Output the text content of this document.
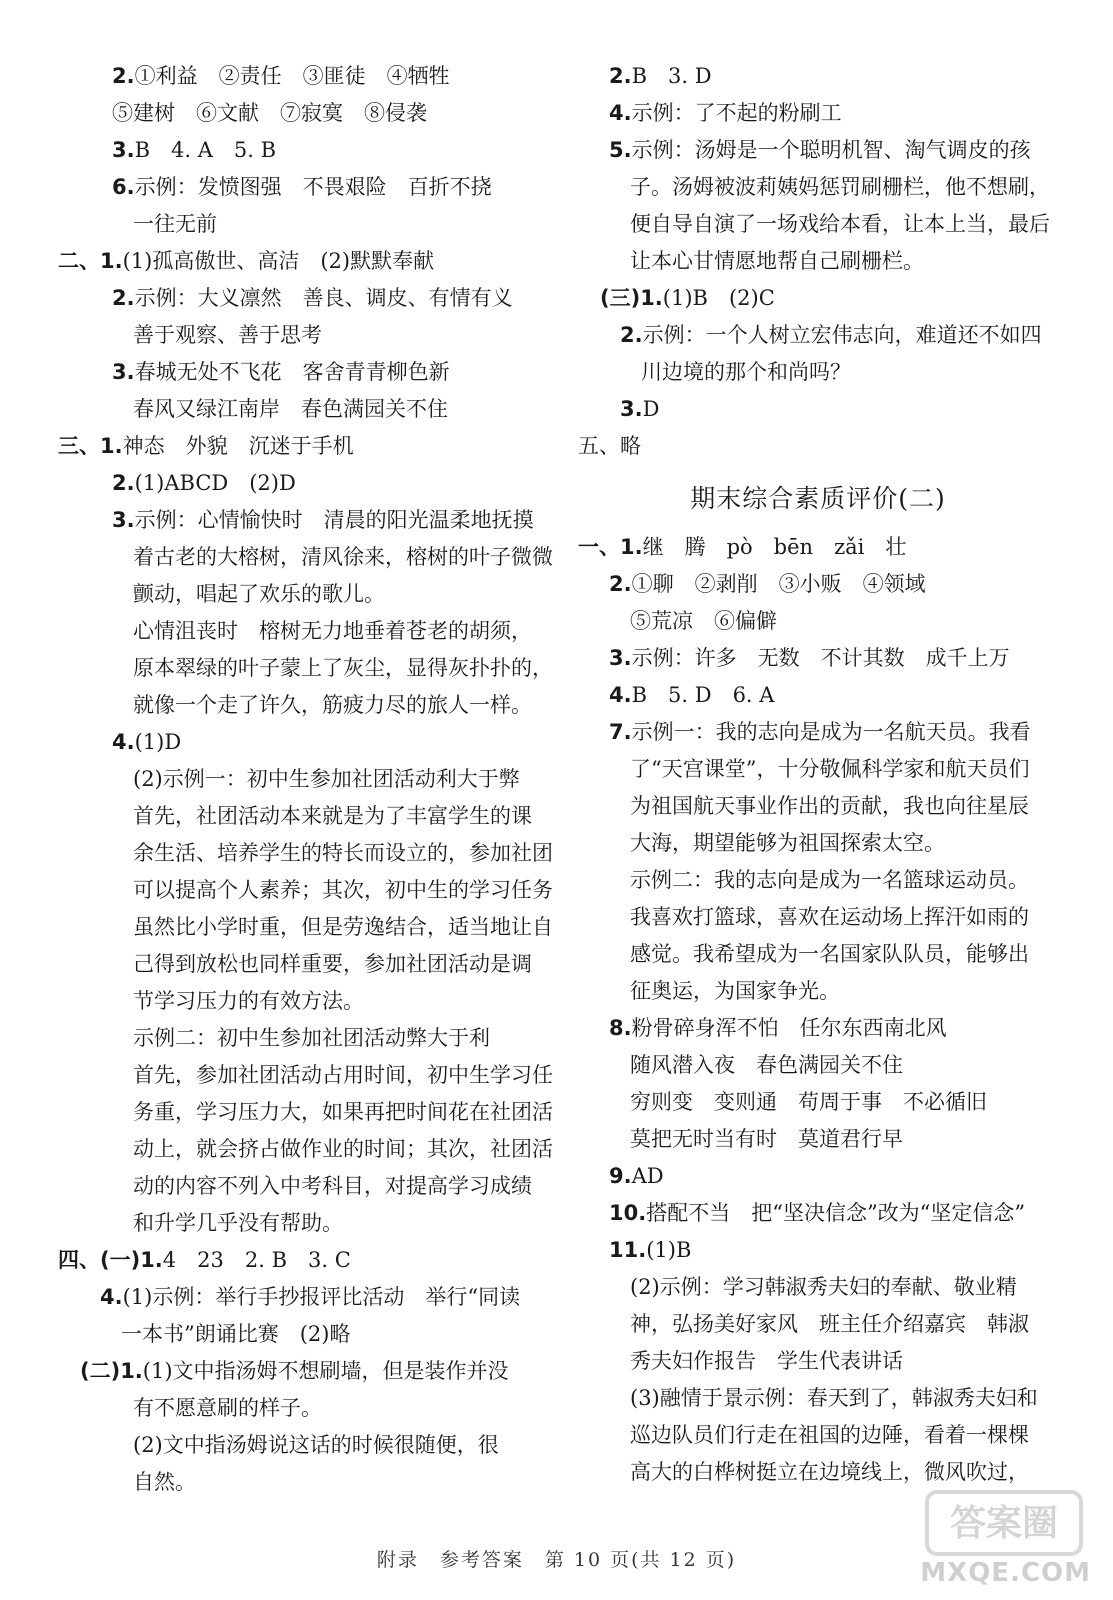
2.①利益　②责任　③匪徒　④牺牲
⑤建树　⑥文献　⑦寂寞　⑧侵袭
3.B　4. A　5. B
6.示例：发愤图强　不畏艰险　百折不挠
　一往无前
二、1.(1)孤高傲世、高洁　(2)默默奉献
2.示例：大义凛然　善良、调皮、有情有义
　善于观察、善于思考
3.春城无处不飞花　客舍青青柳色新
　春风又绿江南岸　春色满园关不住
三、1.神态　外貌　沉迷于手机
2.(1)ABCD　(2)D
3.示例：心情愉快时　清晨的阳光温柔地抚摸
　着古老的大榕树，清风徐来，榕树的叶子微微
　颤动，唱起了欢乐的歌儿。
　心情沮丧时　榕树无力地垂着苍老的胡须，
　原本翠绿的叶子蒙上了灰尘，显得灰扑扑的，
　就像一个走了许久，筋疲力尽的旅人一样。
4.(1)D
　(2)示例一：初中生参加社团活动利大于弊
　首先，社团活动本来就是为了丰富学生的课
　余生活、培养学生的特长而设立的，参加社团
　可以提高个人素养；其次，初中生的学习任务
　虽然比小学时重，但是劳逸结合，适当地让自
　己得到放松也同样重要，参加社团活动是调
　节学习压力的有效方法。
　示例二：初中生参加社团活动弊大于利
　首先，参加社团活动占用时间，初中生学习任
　务重，学习压力大，如果再把时间花在社团活
　动上，就会挤占做作业的时间；其次，社团活
　动的内容不列入中考科目，对提高学习成绩
　和升学几乎没有帮助。
四、(一)1.4　23　2. B　3. C
4.(1)示例：举行手抄报评比活动　举行“同读
　一本书”朗诵比赛　(2)略
(二)1.(1)文中指汤姆不想刷墙，但是装作并没
　有不愿意刷的样子。
　(2)文中指汤姆说这话的时候很随便，很
　自然。
2.B　3. D
4.示例：了不起的粉刷工
5.示例：汤姆是一个聪明机智、淘气调皮的孩
　子。汤姆被波莉姨妈惩罚刷栅栏，他不想刷，
　便自导自演了一场戏给本看，让本上当，最后
　让本心甘情愿地帮自己刷栅栏。
(三)1.(1)B　(2)C
2.示例：一个人树立宏伟志向，难道还不如四
　川边境的那个和尚吗？
3.D
五、略
期末综合素质评价(二)
一、1.继　腾　pò　bēn　zǎi　壮
2.①聊　②剥削　③小贩　④领域
　⑤荒凉　⑥偏僻
3.示例：许多　无数　不计其数　成千上万
4.B　5. D　6. A
7.示例一：我的志向是成为一名航天员。我看
　了“天宫课堂”，十分敬佩科学家和航天员们
　为祖国航天事业作出的贡献，我也向往星辰
　大海，期望能够为祖国探索太空。
　示例二：我的志向是成为一名篮球运动员。
　我喜欢打篮球，喜欢在运动场上挥汗如雨的
　感觉。我希望成为一名国家队队员，能够出
　征奥运，为国家争光。
8.粉骨碎身浑不怕　任尔东西南北风
　随风潜入夜　春色满园关不住
　穷则变　变则通　苟周于事　不必循旧
　莫把无时当有时　莫道君行早
9.AD
10.搭配不当　把“坚决信念”改为“坚定信念”
11.(1)B
　(2)示例：学习韩淑秀夫妇的奉献、敬业精
　神，弘扬美好家风　班主任介绍嘉宾　韩淑
　秀夫妇作报告　学生代表讲话
　(3)融情于景示例：春天到了，韩淑秀夫妇和
　巡边队员们行走在祖国的边陲，看着一棵棵
　高大的白桦树挺立在边境线上，微风吹过，
附录　参考答案　第 10 页(共 12 页)
答案圈
MXQE.COM
